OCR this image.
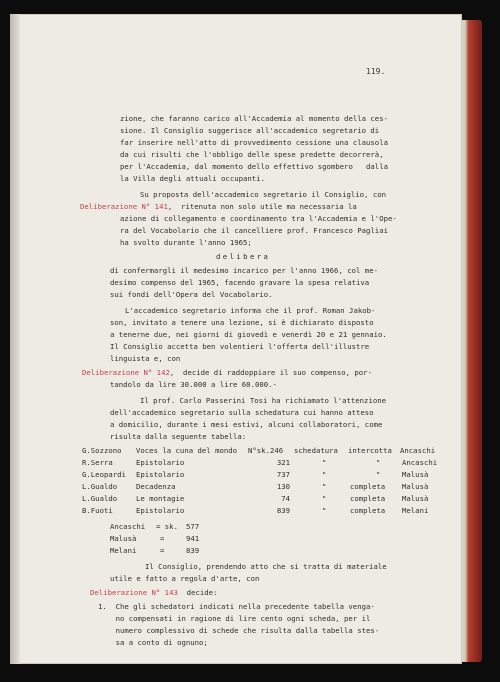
119.
zione, che faranno carico all'Accademia al momento della ces-
sione. Il Consiglio suggerisce all'accademico segretario di
far inserire nell'atto di provvedimento cessione una clausola
da cui risulti che l'obbligo delle spese predette decorrerà,
per l'Accademia, dal momento dello effettivo sgombero   dalla
la Villa degli attuali occupanti.
Su proposta dell'accademico segretario il Consiglio, con
Deliberazione N° 141,  ritenuta non solo utile ma necessaria la
azione di collegamento e coordinamento tra l'Accademia e l'Ope-
ra del Vocabolario che il cancelliere prof. Francesco Pagliai
ha svolto durante l'anno 1965;
delibera
di confermargli il medesimo incarico per l'anno 1966, col me-
desimo compenso del 1965, facendo gravare la spesa relativa
sui fondi dell'Opera del Vocabolario.
L'accademico segretario informa che il prof. Roman Jakob-
son, invitato a tenere una lezione, si è dichiarato disposto
a tenerne due, nei giorni di giovedì e venerdì 20 e 21 gennaio.
Il Consiglio accetta ben volentieri l'offerta dell'illustre
linguista e, con
Deliberazione N° 142,  decide di raddoppiare il suo compenso, por-
tandolo da lire 30.000 a lire 60.000.-
Il prof. Carlo Passerini Tosi ha richiamato l'attenzione
dell'accademico segretario sulla schedatura cui hanno atteso
a domicilio, durante i mesi estivi, alcuni collaboratori, come
risulta dalla seguente tabella:
G.Sozzono Voces la cuna del mondo N°sk.246 schedatura intercotta Ancaschi
R.Serra	Epistolario	321	"	"	Ancaschi
G.Leopardi Epistolario	737	"	"	Malusà
L.Gualdo	Decadenza	130	"	completa Malusà
L.Gualdo	Le montagie	74	"	completa Malusà
B.Fuoti	Epistolario	839	"	completa Melani
Ancaschi = sk. 577
Malusà	=	941
Melani	=	839
Il Consiglio, prendendo atto che si tratta di materiale
utile e fatto a regola d'arte, con
Deliberazione N° 143  decide:
1.  Che gli schedatori indicati nella precedente tabella venga-
no compensati in ragione di lire cento ogni scheda, per il
numero complessivo di schede che risulta dalla tabella stes-
sa a conto di ognuno;
